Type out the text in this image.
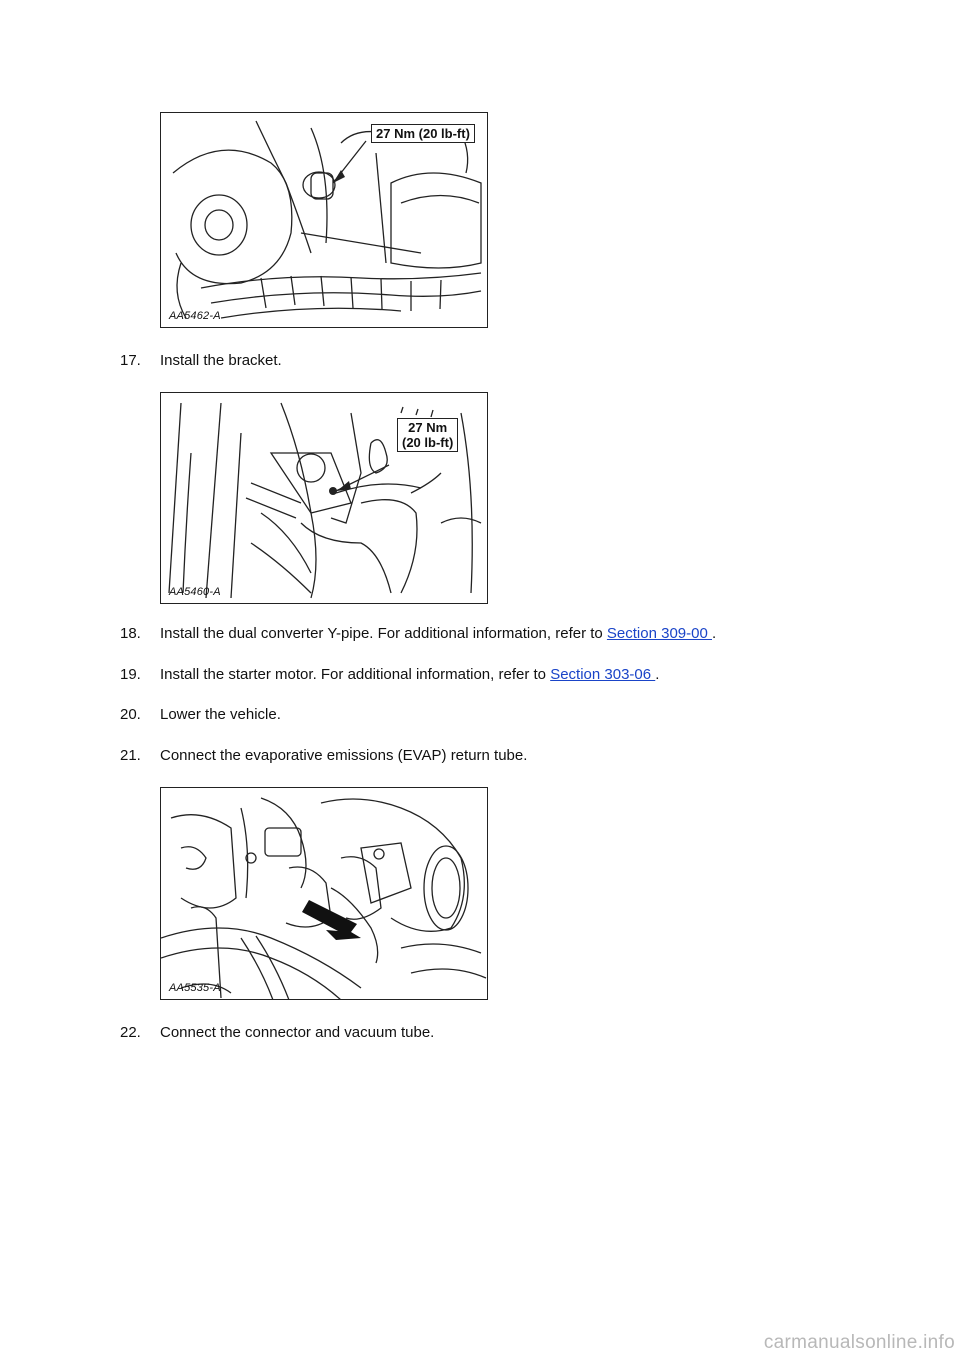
27 Nm (20 lb-ft)
AA5462-A
17.	Install the bracket.
27 Nm
(20 lb-ft)
AA5460-A
18.	Install the dual converter Y-pipe. For additional information, refer to Section 309-00 .
19.	Install the starter motor. For additional information, refer to Section 303-06 .
20.	Lower the vehicle.
21.	Connect the evaporative emissions (EVAP) return tube.
AA5535-A
22.	Connect the connector and vacuum tube.
carmanualsonline.info
